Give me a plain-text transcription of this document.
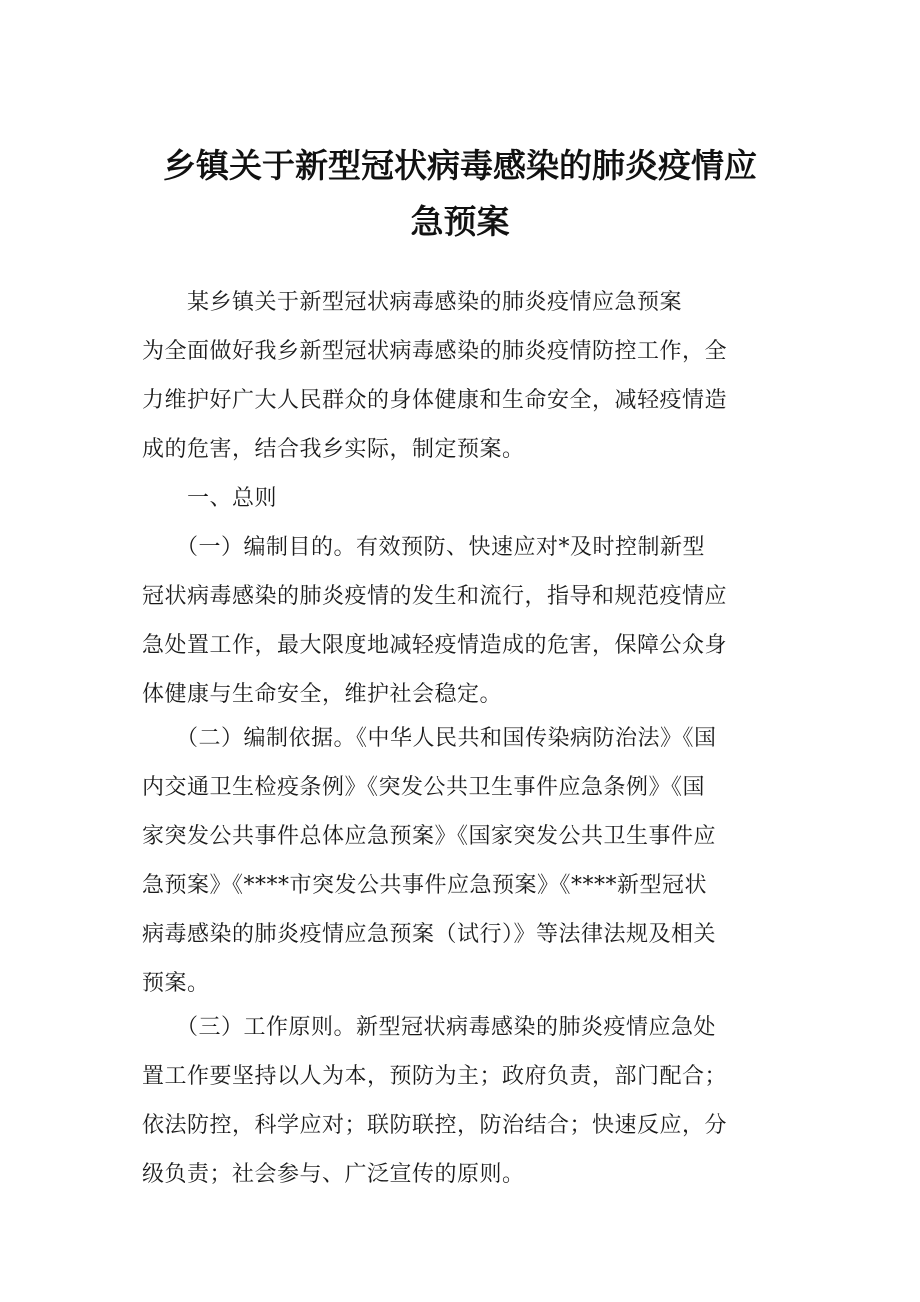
乡镇关于新型冠状病毒感染的肺炎疫情应
急预案
　　某乡镇关于新型冠状病毒感染的肺炎疫情应急预案
为全面做好我乡新型冠状病毒感染的肺炎疫情防控工作，全
力维护好广大人民群众的身体健康和生命安全，减轻疫情造
成的危害，结合我乡实际，制定预案。
　　一、总则
　　（一）编制目的。有效预防、快速应对*及时控制新型
冠状病毒感染的肺炎疫情的发生和流行，指导和规范疫情应
急处置工作，最大限度地减轻疫情造成的危害，保障公众身
体健康与生命安全，维护社会稳定。
　　（二）编制依据。《中华人民共和国传染病防治法》《国
内交通卫生检疫条例》《突发公共卫生事件应急条例》《国
家突发公共事件总体应急预案》《国家突发公共卫生事件应
急预案》《****市突发公共事件应急预案》《****新型冠状
病毒感染的肺炎疫情应急预案（试行）》等法律法规及相关
预案。
　　（三）工作原则。新型冠状病毒感染的肺炎疫情应急处
置工作要坚持以人为本，预防为主；政府负责，部门配合；
依法防控，科学应对；联防联控，防治结合；快速反应，分
级负责；社会参与、广泛宣传的原则。
